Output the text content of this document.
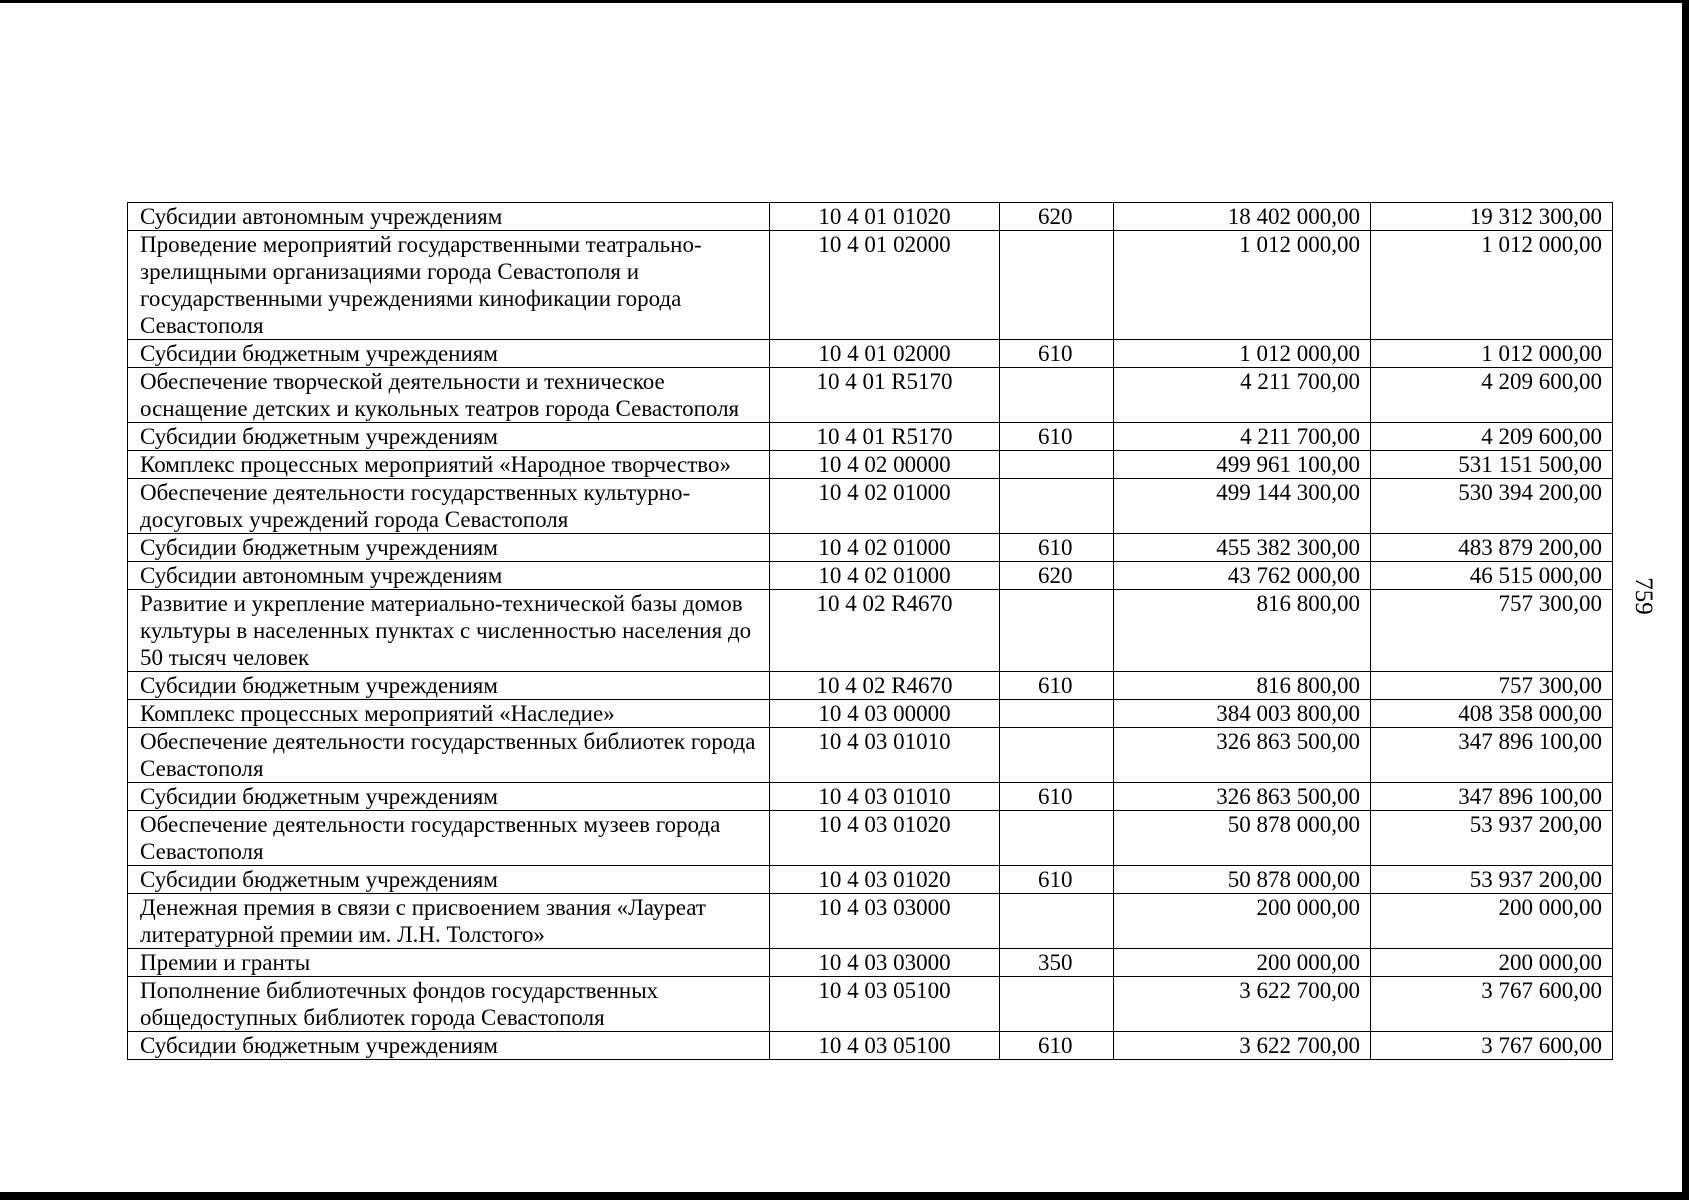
759
Субсидии автономным учреждениям	10 4 01 01020	620	18 402 000,00	19 312 300,00
Проведение мероприятий государственными театрально-зрелищными организациями города Севастополя и государственными учреждениями кинофикации города Севастополя	10 4 01 02000		1 012 000,00	1 012 000,00
Субсидии бюджетным учреждениям	10 4 01 02000	610	1 012 000,00	1 012 000,00
Обеспечение творческой деятельности и техническое оснащение детских и кукольных театров города Севастополя	10 4 01 R5170		4 211 700,00	4 209 600,00
Субсидии бюджетным учреждениям	10 4 01 R5170	610	4 211 700,00	4 209 600,00
Комплекс процессных мероприятий «Народное творчество»	10 4 02 00000		499 961 100,00	531 151 500,00
Обеспечение деятельности государственных культурно-досуговых учреждений города Севастополя	10 4 02 01000		499 144 300,00	530 394 200,00
Субсидии бюджетным учреждениям	10 4 02 01000	610	455 382 300,00	483 879 200,00
Субсидии автономным учреждениям	10 4 02 01000	620	43 762 000,00	46 515 000,00
Развитие и укрепление материально-технической базы домов культуры в населенных пунктах с численностью населения до 50 тысяч человек	10 4 02 R4670		816 800,00	757 300,00
Субсидии бюджетным учреждениям	10 4 02 R4670	610	816 800,00	757 300,00
Комплекс процессных мероприятий «Наследие»	10 4 03 00000		384 003 800,00	408 358 000,00
Обеспечение деятельности государственных библиотек города Севастополя	10 4 03 01010		326 863 500,00	347 896 100,00
Субсидии бюджетным учреждениям	10 4 03 01010	610	326 863 500,00	347 896 100,00
Обеспечение деятельности государственных музеев города Севастополя	10 4 03 01020		50 878 000,00	53 937 200,00
Субсидии бюджетным учреждениям	10 4 03 01020	610	50 878 000,00	53 937 200,00
Денежная премия в связи с присвоением звания «Лауреат литературной премии им. Л.Н. Толстого»	10 4 03 03000		200 000,00	200 000,00
Премии и гранты	10 4 03 03000	350	200 000,00	200 000,00
Пополнение библиотечных фондов государственных общедоступных библиотек города Севастополя	10 4 03 05100		3 622 700,00	3 767 600,00
Субсидии бюджетным учреждениям	10 4 03 05100	610	3 622 700,00	3 767 600,00
